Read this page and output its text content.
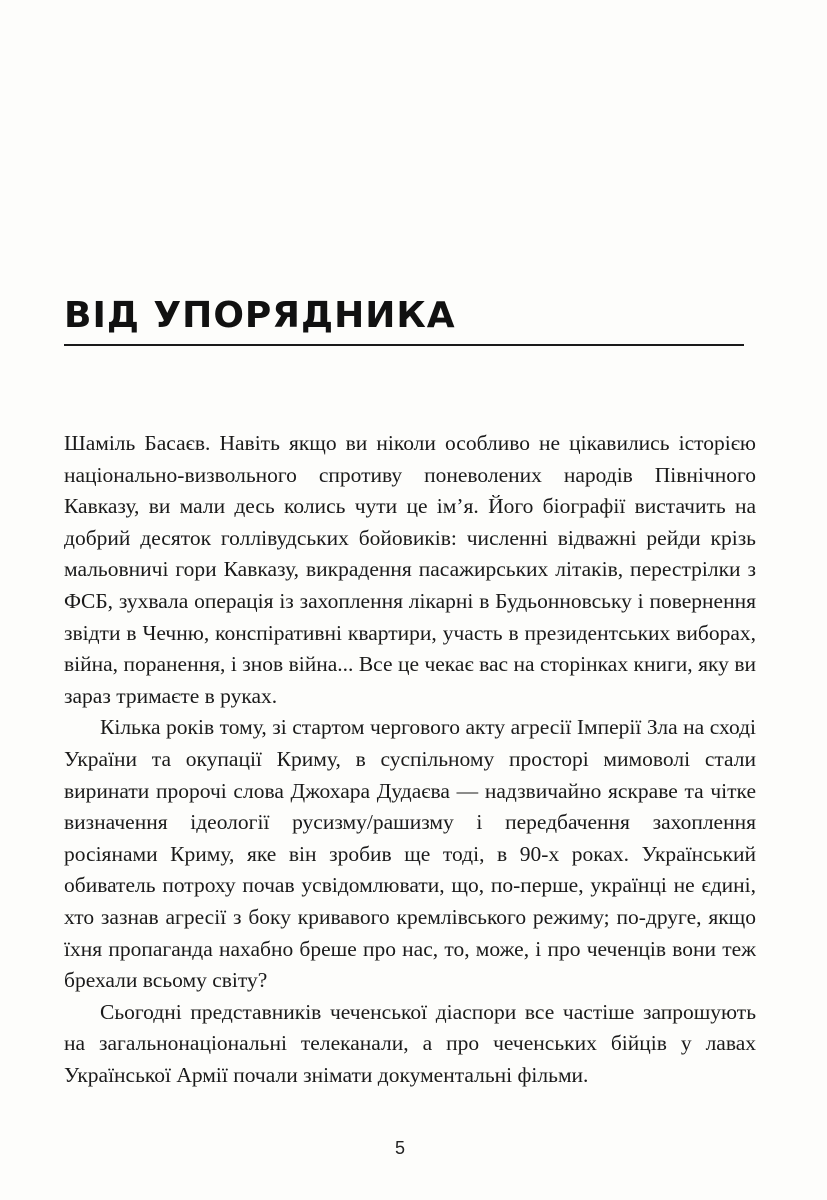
ВІД УПОРЯДНИКА

Шаміль Басаєв. Навіть якщо ви ніколи особливо не цікавились історією національно-визвольного спротиву поневолених народів Північного Кавказу, ви мали десь колись чути це ім’я. Його біографії вистачить на добрий десяток голлівудських бойовиків: численні відважні рейди крізь мальовничі гори Кавказу, викрадення пасажирських літаків, перестрілки з ФСБ, зухвала операція із захоплення лікарні в Будьонновську і повернення звідти в Чечню, конспіративні квартири, участь в президентських виборах, війна, поранення, і знов війна... Все це чекає вас на сторінках книги, яку ви зараз тримаєте в руках.

Кілька років тому, зі стартом чергового акту агресії Імперії Зла на сході України та окупації Криму, в суспільному просторі мимоволі стали виринати пророчі слова Джохара Дудаєва — надзвичайно яскраве та чітке визначення ідеології русизму/рашизму і передбачення захоплення росіянами Криму, яке він зробив ще тоді, в 90-х роках. Український обиватель потроху почав усвідомлювати, що, по-перше, українці не єдині, хто зазнав агресії з боку кривавого кремлівського режиму; по-друге, якщо їхня пропаганда нахабно бреше про нас, то, може, і про чеченців вони теж брехали всьому світу?

Сьогодні представників чеченської діаспори все частіше запрошують на загальнонаціональні телеканали, а про чеченських бійців у лавах Української Армії почали знімати документальні фільми.

5
